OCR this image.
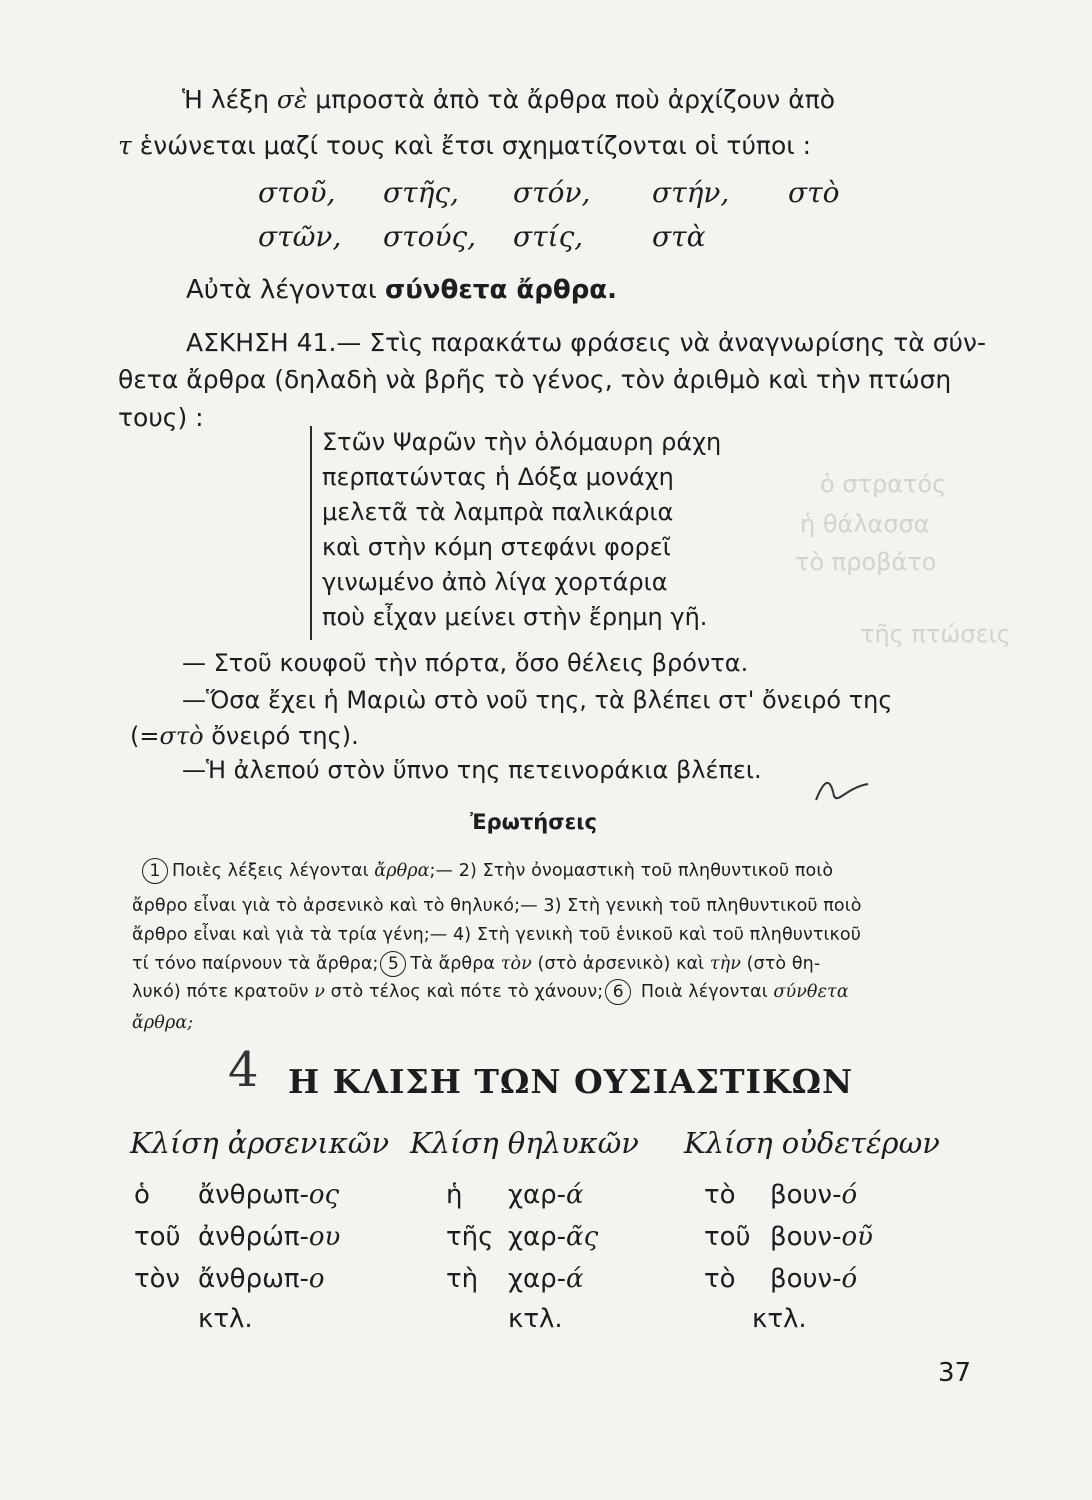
ὁ στρατός
ἡ θάλασσα
τὸ προβάτο
τῆς πτώσεις
Ἡ λέξη σὲ μπροστὰ ἀπὸ τὰ ἄρθρα ποὺ ἀρχίζουν ἀπὸ
τ ἑνώνεται μαζί τους καὶ ἔτσι σχηματίζονται οἱ τύποι :
στοῦ, στῆς, στόν, στήν, στὸ
στῶν, στούς, στίς, στὰ
Αὐτὰ λέγονται σύνθετα ἄρθρα.
ΑΣΚΗΣΗ 41.— Στὶς παρακάτω φράσεις νὰ ἀναγνωρίσης τὰ σύν-
θετα ἄρθρα (δηλαδὴ νὰ βρῆς τὸ γένος, τὸν ἀριθμὸ καὶ τὴν πτώση
τους) :
Στῶν Ψαρῶν τὴν ὁλόμαυρη ράχη
περπατώντας ἡ Δόξα μονάχη
μελετᾶ τὰ λαμπρὰ παλικάρια
καὶ στὴν κόμη στεφάνι φορεῖ
γινωμένο ἀπὸ λίγα χορτάρια
ποὺ εἶχαν μείνει στὴν ἔρημη γῆ.
— Στοῦ κουφοῦ τὴν πόρτα, ὅσο θέλεις βρόντα.
—Ὅσα ἔχει ἡ Μαριὼ στὸ νοῦ της, τὰ βλέπει στ' ὄνειρό της
(=στὸ ὄνειρό της).
—Ἡ ἀλεπού στὸν ὕπνο της πετεινοράκια βλέπει.
Ἐρωτήσεις
1 Ποιὲς λέξεις λέγονται ἄρθρα;— 2) Στὴν ὀνομαστικὴ τοῦ πληθυντικοῦ ποιὸ
ἄρθρο εἶναι γιὰ τὸ ἀρσενικὸ καὶ τὸ θηλυκό;— 3) Στὴ γενικὴ τοῦ πληθυντικοῦ ποιὸ
ἄρθρο εἶναι καὶ γιὰ τὰ τρία γένη;— 4) Στὴ γενικὴ τοῦ ἑνικοῦ καὶ τοῦ πληθυντικοῦ
τί τόνο παίρνουν τὰ ἄρθρα; 5 Τὰ ἄρθρα τὸν (στὸ ἀρσενικὸ) καὶ τὴν (στὸ θη-
λυκό) πότε κρατοῦν ν στὸ τέλος καὶ πότε τὸ χάνουν; 6 Ποιὰ λέγονται σύνθετα
ἄρθρα;
4 Η ΚΛΙΣΗ ΤΩΝ ΟΥΣΙΑΣΤΙΚΩΝ
Κλίση ἀρσενικῶν Κλίση θηλυκῶν Κλίση οὐδετέρων
ὁ ἄνθρωπ-ος
τοῦ ἀνθρώπ-ου
τὸν ἄνθρωπ-ο
κτλ.
ἡ χαρ-ά
τῆς χαρ-ᾶς
τὴ χαρ-ά
κτλ.
τὸ βουν-ό
τοῦ βουν-οῦ
τὸ βουν-ό
κτλ.
37
